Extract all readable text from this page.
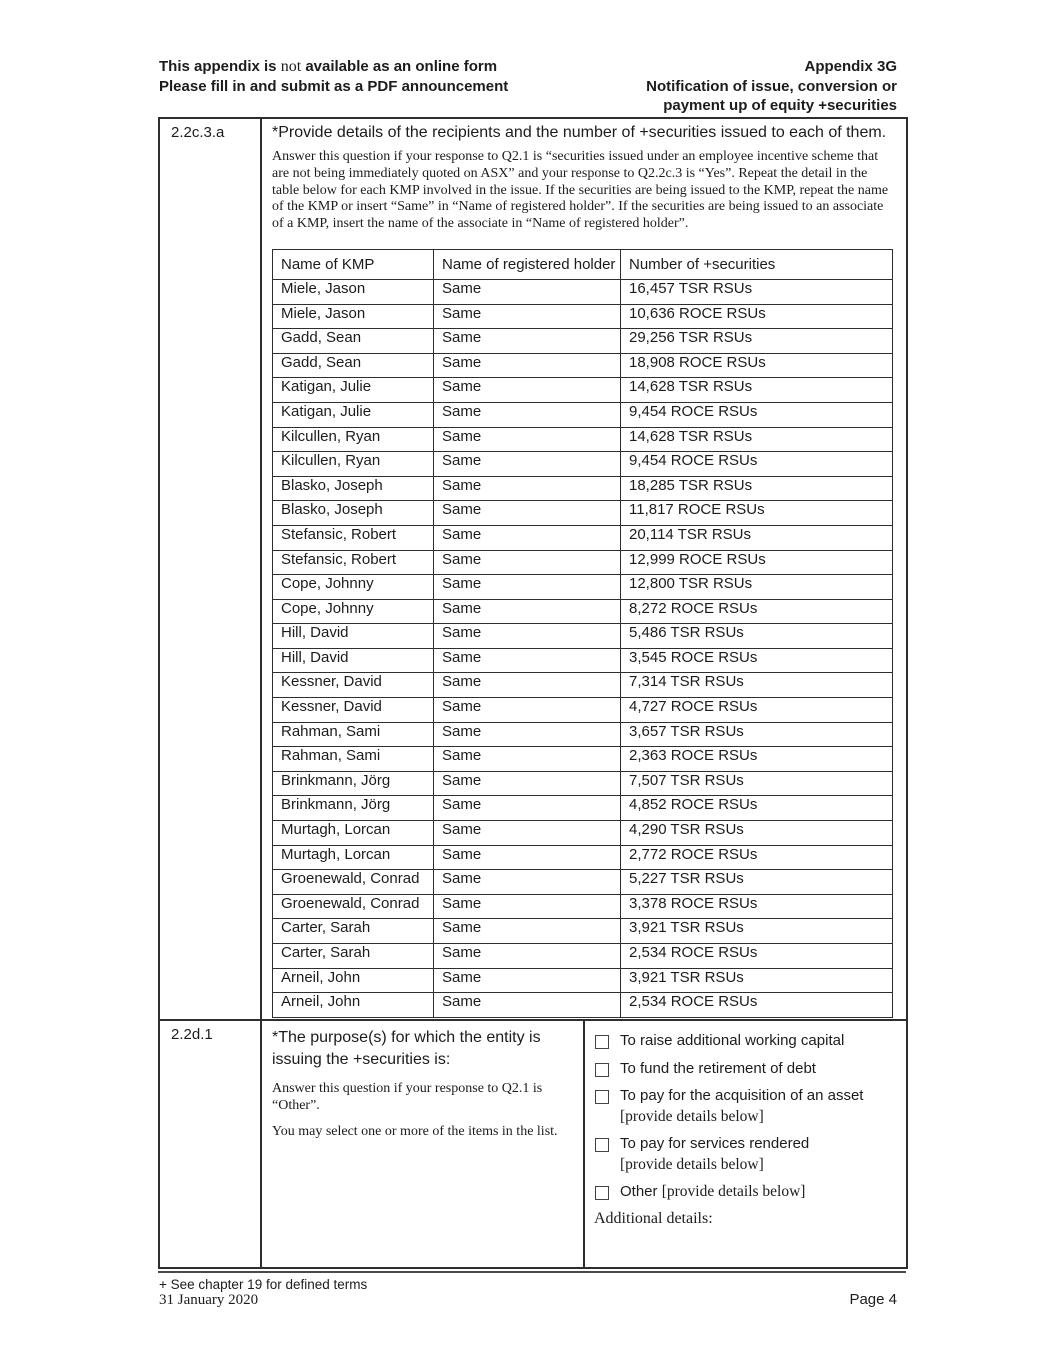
This appendix is not available as an online form
Please fill in and submit as a PDF announcement
Appendix 3G
Notification of issue, conversion or
payment up of equity +securities
2.2c.3.a	*Provide details of the recipients and the number of +securities issued to each of them.
Answer this question if your response to Q2.1 is “securities issued under an employee incentive scheme that are not being immediately quoted on ASX” and your response to Q2.2c.3 is “Yes”. Repeat the detail in the table below for each KMP involved in the issue. If the securities are being issued to the KMP, repeat the name of the KMP or insert “Same” in “Name of registered holder”. If the securities are being issued to an associate of a KMP, insert the name of the associate in “Name of registered holder”.
Name of KMP	Name of registered holder	Number of +securities
Miele, Jason	Same	16,457 TSR RSUs
Miele, Jason	Same	10,636 ROCE RSUs
Gadd, Sean	Same	29,256 TSR RSUs
Gadd, Sean	Same	18,908 ROCE RSUs
Katigan, Julie	Same	14,628 TSR RSUs
Katigan, Julie	Same	9,454 ROCE RSUs
Kilcullen, Ryan	Same	14,628 TSR RSUs
Kilcullen, Ryan	Same	9,454 ROCE RSUs
Blasko, Joseph	Same	18,285 TSR RSUs
Blasko, Joseph	Same	11,817 ROCE RSUs
Stefansic, Robert	Same	20,114 TSR RSUs
Stefansic, Robert	Same	12,999 ROCE RSUs
Cope, Johnny	Same	12,800 TSR RSUs
Cope, Johnny	Same	8,272 ROCE RSUs
Hill, David	Same	5,486 TSR RSUs
Hill, David	Same	3,545 ROCE RSUs
Kessner, David	Same	7,314 TSR RSUs
Kessner, David	Same	4,727 ROCE RSUs
Rahman, Sami	Same	3,657 TSR RSUs
Rahman, Sami	Same	2,363 ROCE RSUs
Brinkmann, Jörg	Same	7,507 TSR RSUs
Brinkmann, Jörg	Same	4,852 ROCE RSUs
Murtagh, Lorcan	Same	4,290 TSR RSUs
Murtagh, Lorcan	Same	2,772 ROCE RSUs
Groenewald, Conrad	Same	5,227 TSR RSUs
Groenewald, Conrad	Same	3,378 ROCE RSUs
Carter, Sarah	Same	3,921 TSR RSUs
Carter, Sarah	Same	2,534 ROCE RSUs
Arneil, John	Same	3,921 TSR RSUs
Arneil, John	Same	2,534 ROCE RSUs

2.2d.1	*The purpose(s) for which the entity is issuing the +securities is:

Answer this question if your response to Q2.1 is “Other”.

You may select one or more of the items in the list.

To raise additional working capital
To fund the retirement of debt
To pay for the acquisition of an asset
[provide details below]
To pay for services rendered
[provide details below]
Other [provide details below]
Additional details:
+ See chapter 19 for defined terms
31 January 2020	Page 4
